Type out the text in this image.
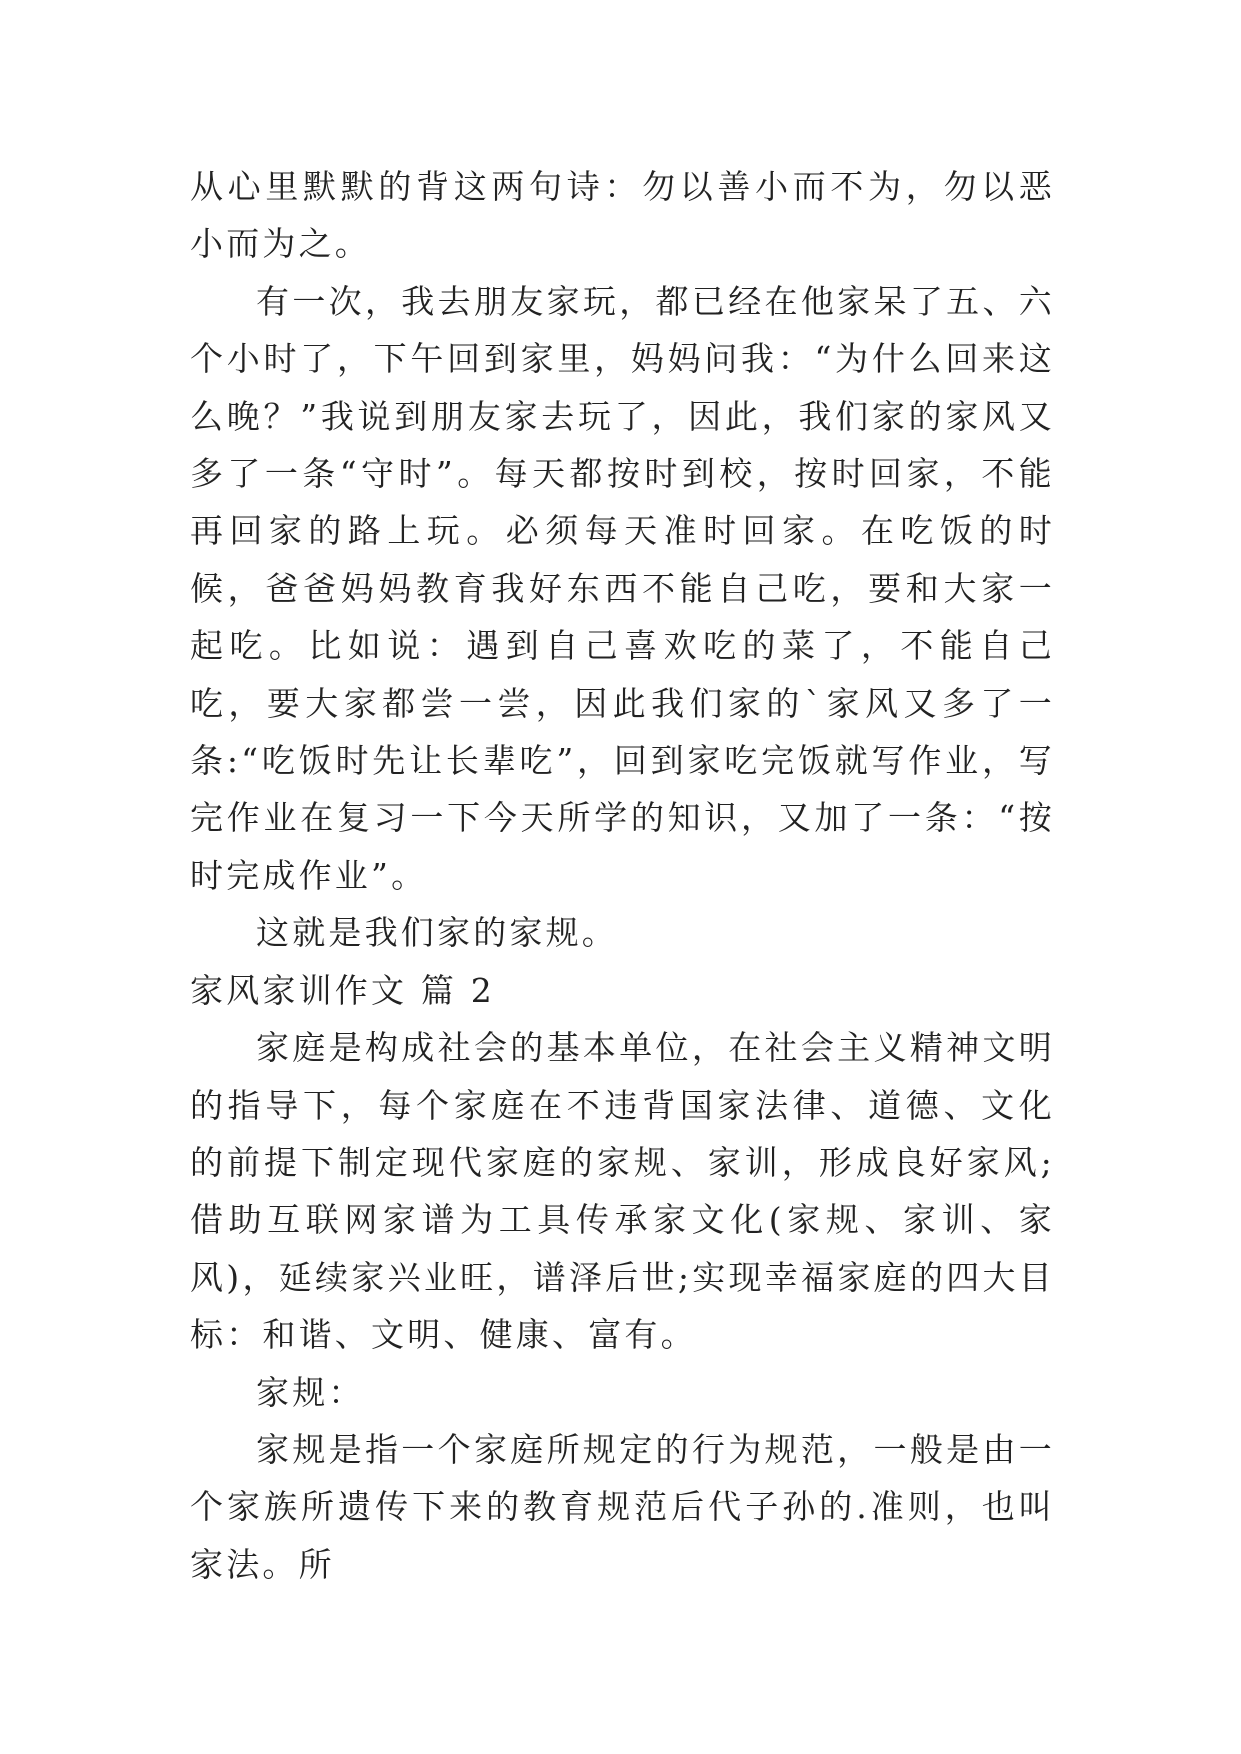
从心里默默的背这两句诗：勿以善小而不为，勿以恶小而为之。

有一次，我去朋友家玩，都已经在他家呆了五、六个小时了，下午回到家里，妈妈问我：“为什么回来这么晚？”我说到朋友家去玩了，因此，我们家的家风又多了一条“守时”。每天都按时到校，按时回家，不能再回家的路上玩。必须每天准时回家。在吃饭的时候，爸爸妈妈教育我好东西不能自己吃，要和大家一起吃。比如说：遇到自己喜欢吃的菜了，不能自己吃，要大家都尝一尝，因此我们家的`家风又多了一条:“吃饭时先让长辈吃”，回到家吃完饭就写作业，写完作业在复习一下今天所学的知识，又加了一条：“按时完成作业”。

这就是我们家的家规。

家风家训作文 篇 2

家庭是构成社会的基本单位，在社会主义精神文明的指导下，每个家庭在不违背国家法律、道德、文化的前提下制定现代家庭的家规、家训，形成良好家风;借助互联网家谱为工具传承家文化(家规、家训、家风)，延续家兴业旺，谱泽后世;实现幸福家庭的四大目标：和谐、文明、健康、富有。

家规：

家规是指一个家庭所规定的行为规范，一般是由一个家族所遗传下来的教育规范后代子孙的.准则，也叫家法。所
